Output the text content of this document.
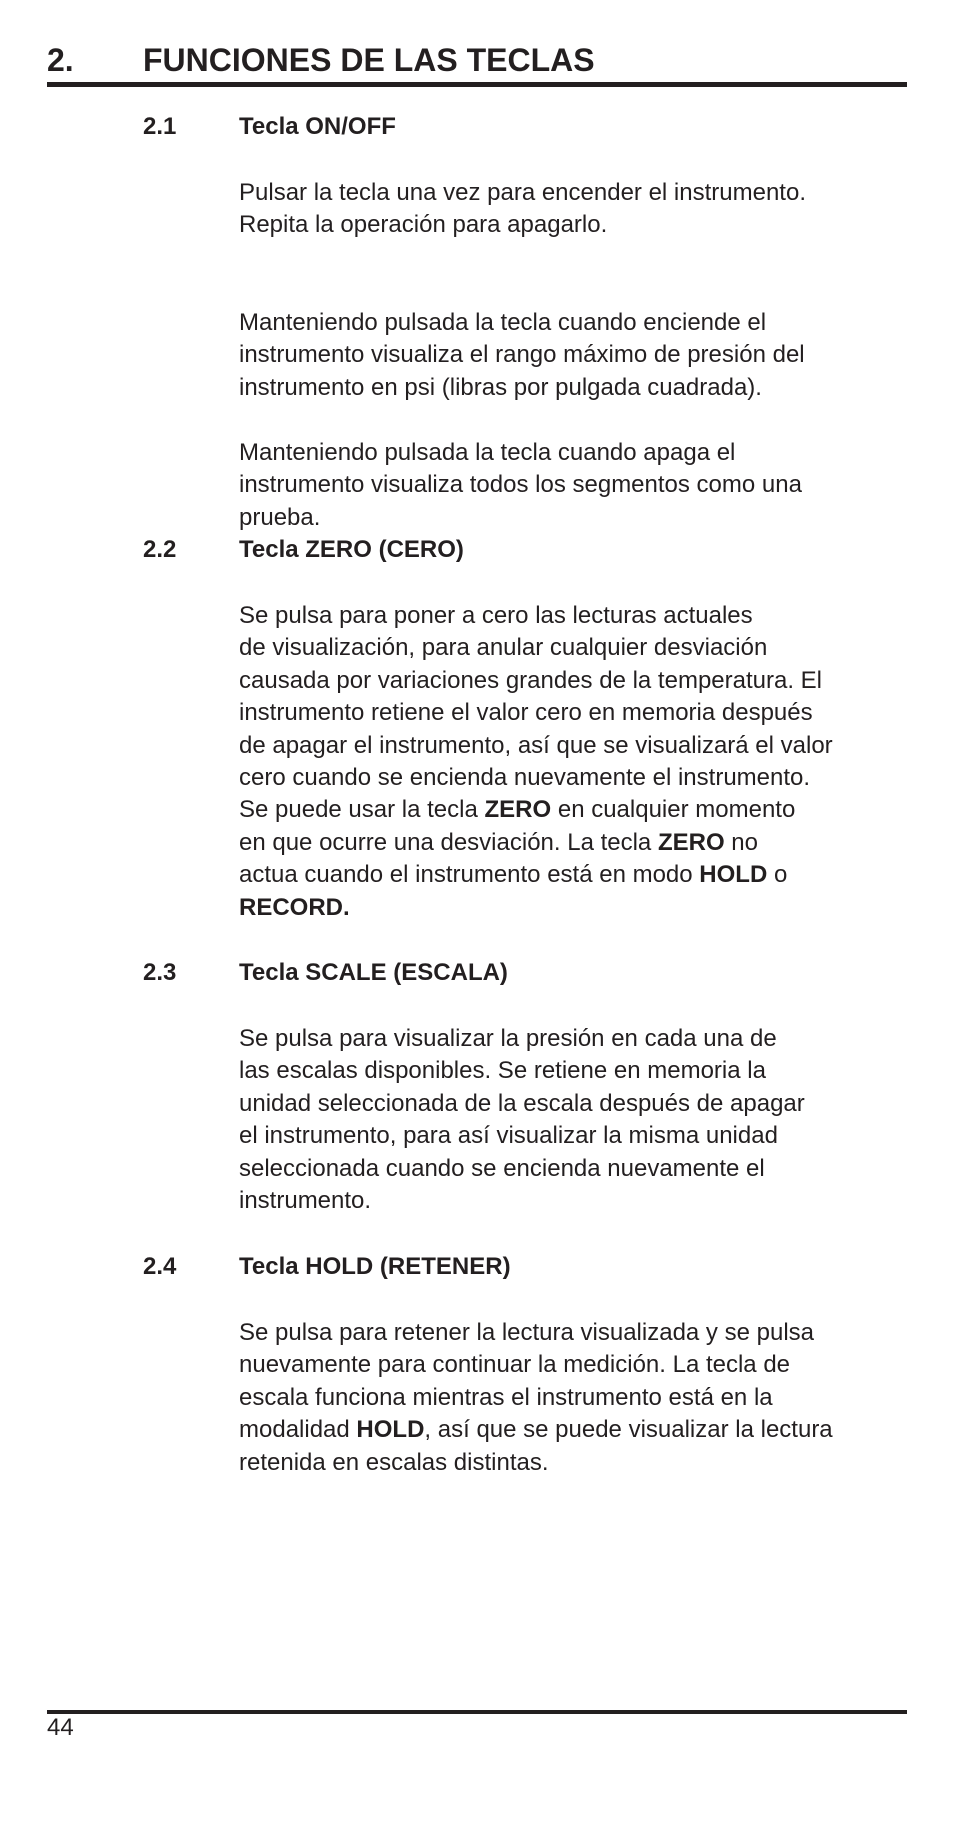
2. FUNCIONES DE LAS TECLAS
2.1	Tecla ON/OFF
Pulsar la tecla una vez para encender el instrumento.
Repita la operación para apagarlo.
Manteniendo pulsada la tecla cuando enciende el
instrumento visualiza el rango máximo de presión del
instrumento en psi (libras por pulgada cuadrada).
Manteniendo pulsada la tecla cuando apaga el
instrumento visualiza todos los segmentos como una
prueba.
2.2	Tecla ZERO (CERO)
Se pulsa para poner a cero las lecturas actuales
de visualización, para anular cualquier desviación
causada por variaciones grandes de la temperatura. El
instrumento retiene el valor cero en memoria después
de apagar el instrumento, así que se visualizará el valor
cero cuando se encienda nuevamente el instrumento.
Se puede usar la tecla ZERO en cualquier momento
en que ocurre una desviación. La tecla ZERO no
actua cuando el instrumento está en modo HOLD o
RECORD.
2.3	Tecla SCALE (ESCALA)
Se pulsa para visualizar la presión en cada una de
las escalas disponibles. Se retiene en memoria la
unidad seleccionada de la escala después de apagar
el instrumento, para así visualizar la misma unidad
seleccionada cuando se encienda nuevamente el
instrumento.
2.4	Tecla HOLD (RETENER)
Se pulsa para retener la lectura visualizada y se pulsa
nuevamente para continuar la medición. La tecla de
escala funciona mientras el instrumento está en la
modalidad HOLD, así que se puede visualizar la lectura
retenida en escalas distintas.
44
